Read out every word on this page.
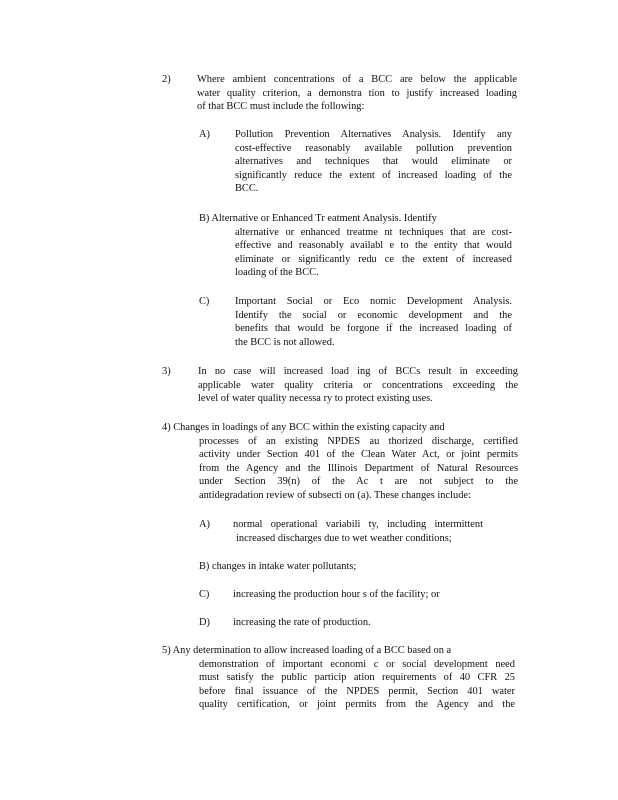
2)	Where ambient concentrations of a BCC are below the applicable
water quality criterion, a demonstra tion to justify increased loading
of that BCC must include the following:
A) Pollution Prevention Alternatives Analysis. Identify any
cost-effective reasonably available pollution prevention
alternatives and techniques that would eliminate or
significantly reduce the extent of increased loading of the
BCC.
B) Alternative or Enhanced Tr eatment Analysis. Identify
alternative or enhanced treatme nt techniques that are cost-
effective and reasonably availabl e to the entity that would
eliminate or significantly redu ce the extent of increased
loading of the BCC.
C) Important Social or Eco nomic Development Analysis.
Identify the social or economic development and the
benefits that would be forgone if the increased loading of
the BCC is not allowed.
3)	In no case will increased load ing of BCCs result in exceeding
applicable water quality criteria or concentrations exceeding the
level of water quality necessa ry to protect existing uses.
4) Changes in loadings of any BCC within the existing capacity and
processes of an existing NPDES au thorized discharge, certified
activity under Section 401 of the Clean Water Act, or joint permits
from the Agency and the Illinois Department of Natural Resources
under Section 39(n) of the Ac t are not subject to the
antidegradation review of subsecti on (a). These changes include:
A) normal operational variabili ty, including intermittent
increased discharges due to wet weather conditions;
B) changes in intake water pollutants;
C) increasing the production hour s of the facility; or
D) increasing the rate of production.
5) Any determination to allow increased loading of a BCC based on a
demonstration of important economi c or social development need
must satisfy the public particip ation requirements of 40 CFR 25
before final issuance of the NPDES permit, Section 401 water
quality certification, or joint permits from the Agency and the
